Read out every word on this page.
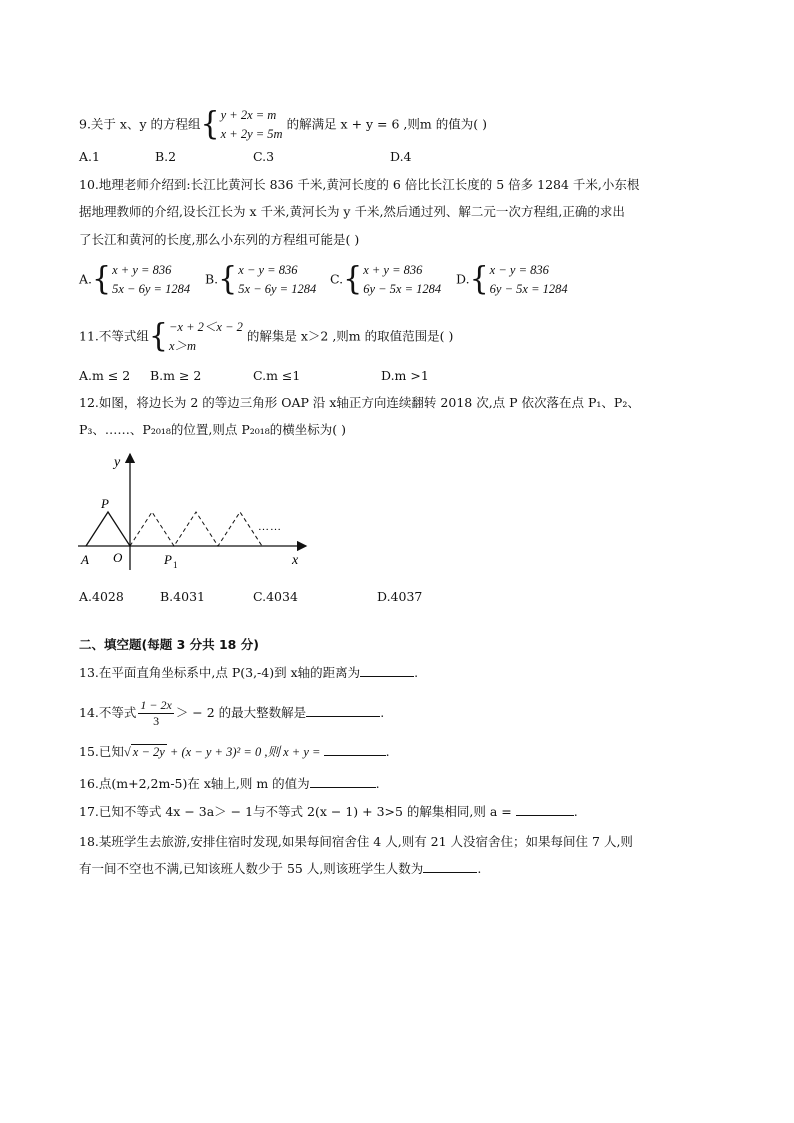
9.关于 x、y 的方程组{ y + 2x = m
x + 2y = 5m
的解满足 x + y = 6 ,则m 的值为( )
A.1	B.2	C.3	D.4
10.地理老师介绍到:长江比黄河长 836 千米,黄河长度的 6 倍比长江长度的 5 倍多 1284 千米,小东根
据地理教师的介绍,设长江长为 x 千米,黄河长为 y 千米,然后通过列、解二元一次方程组,正确的求出
了长江和黄河的长度,那么小东列的方程组可能是( )
A.{ x + y = 836
5x − 6y = 1284
B.{ x − y = 836
5x − 6y = 1284
C.{ x + y = 836
6y − 5x = 1284
D.{ x − y = 836
6y − 5x = 1284
11.不等式组{ −x + 2＜x − 2
x＞m
的解集是 x＞2 ,则m 的取值范围是( )
A.m ≤ 2 B.m ≥ 2	C.m ≤1	D.m >1
12.如图，将边长为 2 的等边三角形 OAP 沿 x轴正方向连续翻转 2018 次,点 P 依次落在点 P₁、P₂、
P₃、……、P₂₀₁₈的位置,则点 P₂₀₁₈的横坐标为( )
……
y
x
P
A O	P 1
A.4028	B.4031	C.4034	D.4037
二、填空题(每题 3 分共 18 分)
13.在平面直角坐标系中,点 P(3,-4)到 x轴的距离为	.
14.不等式 $\frac{1 - 2x}{3}$ ＞ − 2 的最大整数解是	.
15.已知√ x − 2y + (x − y + 3)² = 0 ,则 x + y =	.
16.点(m+2,2m-5)在 x轴上,则 m 的值为	.
17.已知不等式 4x − 3a＞ − 1与不等式 2(x − 1) + 3>5 的解集相同,则 a =	.
18.某班学生去旅游,安排住宿时发现,如果每间宿舍住 4 人,则有 21 人没宿舍住；如果每间住 7 人,则
有一间不空也不满,已知该班人数少于 55 人,则该班学生人数为	.
